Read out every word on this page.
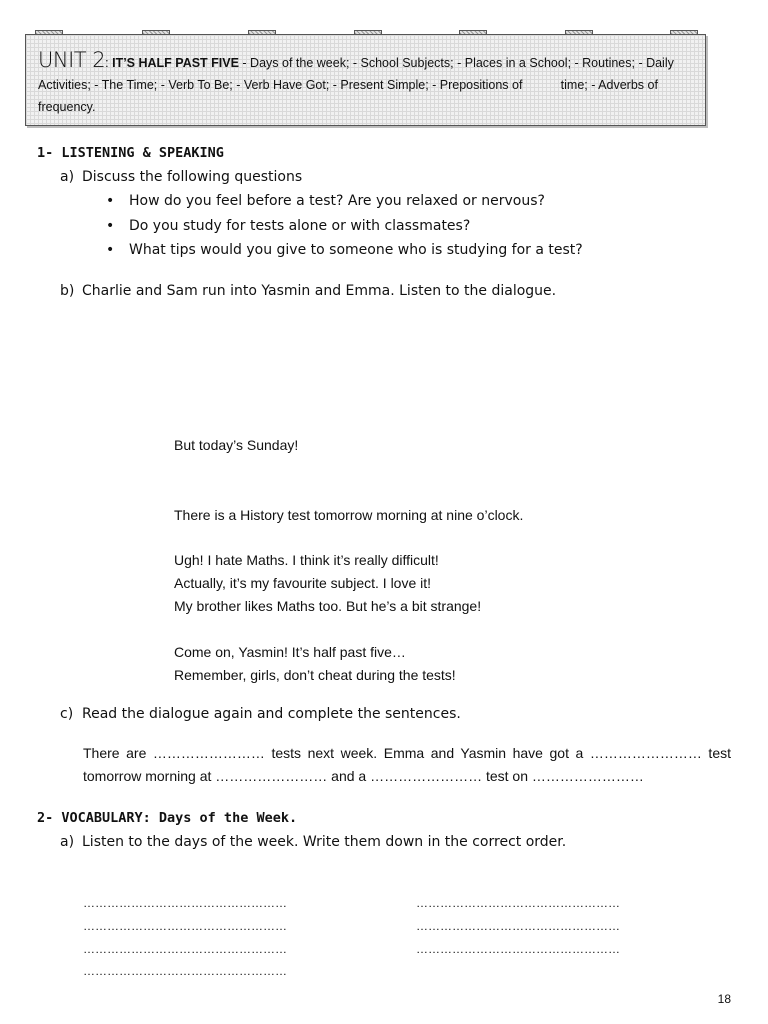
UNIT 2: IT’S HALF PAST FIVE - Days of the week; - School Subjects; - Places in a School; - Routines; - Daily Activities; - The Time; - Verb To Be; - Verb Have Got; - Present Simple; - Prepositions of           time; - Adverbs of frequency.
1- LISTENING & SPEAKING
a) Discuss the following questions
• How do you feel before a test? Are you relaxed or nervous?
• Do you study for tests alone or with classmates?
• What tips would you give to someone who is studying for a test?
b) Charlie and Sam run into Yasmin and Emma. Listen to the dialogue.
But today’s Sunday!
There is a History test tomorrow morning at nine o’clock.
Ugh! I hate Maths. I think it’s really difficult!
Actually, it’s my favourite subject. I love it!
My brother likes Maths too. But he’s a bit strange!
Come on, Yasmin! It’s half past five…
Remember, girls, don’t cheat during the tests!
c) Read the dialogue again and complete the sentences.
There are …………………… tests next week. Emma and Yasmin have got a …………………… test tomorrow morning at …………………… and a …………………… test on ……………………
2- VOCABULARY: Days of the Week.
a) Listen to the days of the week. Write them down in the correct order.
……………………………………………
……………………………………………
……………………………………………
……………………………………………
……………………………………………
……………………………………………
……………………………………………
18
